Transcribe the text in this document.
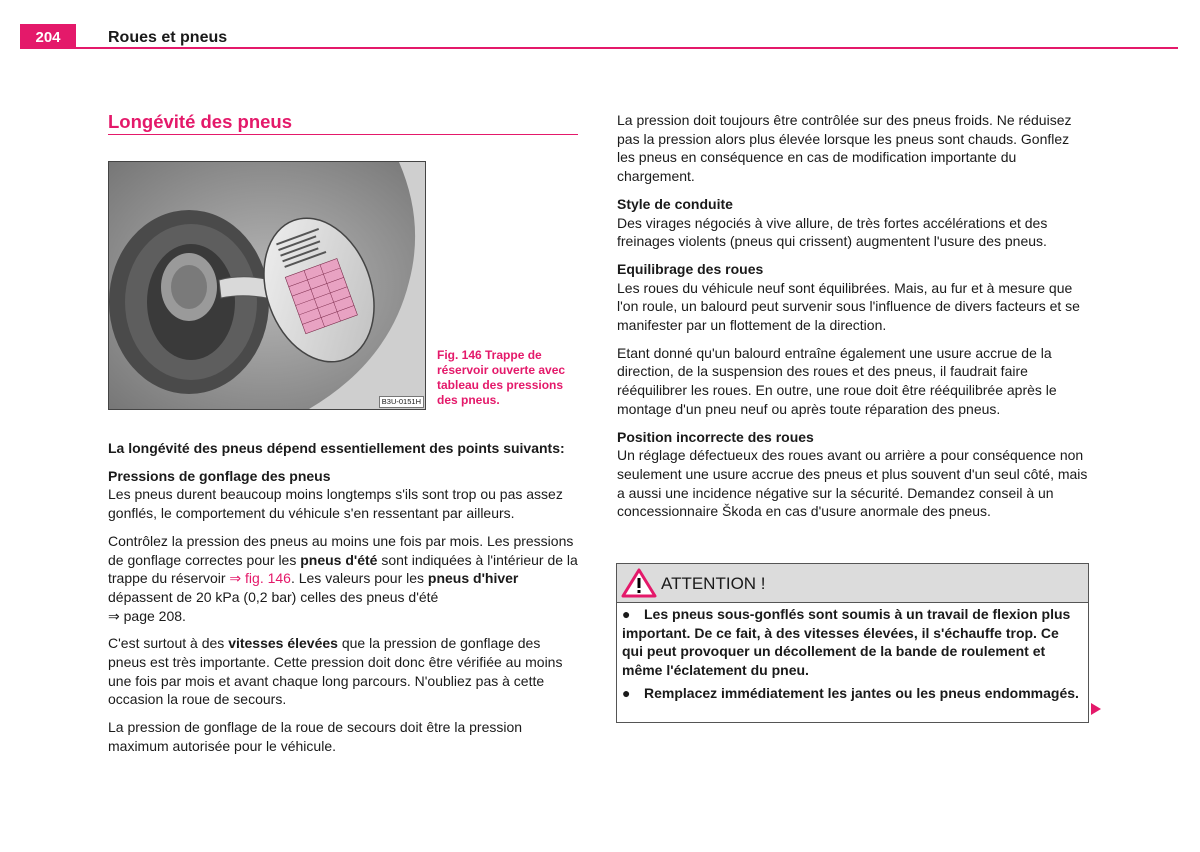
204	Roues et pneus
Longévité des pneus
B3U-0151H
Fig. 146 Trappe de réservoir ouverte avec tableau des pressions des pneus.

La longévité des pneus dépend essentiellement des points suivants:

Pressions de gonflage des pneus

Les pneus durent beaucoup moins longtemps s'ils sont trop ou pas assez gonflés, le comportement du véhicule s'en ressentant par ailleurs.

Contrôlez la pression des pneus au moins une fois par mois. Les pressions de gonflage correctes pour les pneus d'été sont indiquées à l'intérieur de la trappe du réservoir ⇒ fig. 146. Les valeurs pour les pneus d'hiver dépassent de 20 kPa (0,2 bar) celles des pneus d'été
⇒ page 208.

C'est surtout à des vitesses élevées que la pression de gonflage des pneus est très importante. Cette pression doit donc être vérifiée au moins une fois par mois et avant chaque long parcours. N'oubliez pas à cette occasion la roue de secours.

La pression de gonflage de la roue de secours doit être la pression maximum autorisée pour le véhicule.

La pression doit toujours être contrôlée sur des pneus froids. Ne réduisez pas la pression alors plus élevée lorsque les pneus sont chauds. Gonflez les pneus en conséquence en cas de modification importante du chargement.

Style de conduite

Des virages négociés à vive allure, de très fortes accélérations et des freinages violents (pneus qui crissent) augmentent l'usure des pneus.

Equilibrage des roues

Les roues du véhicule neuf sont équilibrées. Mais, au fur et à mesure que l'on roule, un balourd peut survenir sous l'influence de divers facteurs et se manifester par un flottement de la direction.

Etant donné qu'un balourd entraîne également une usure accrue de la direction, de la suspension des roues et des pneus, il faudrait faire rééquilibrer les roues. En outre, une roue doit être rééquilibrée après le montage d'un pneu neuf ou après toute réparation des pneus.

Position incorrecte des roues

Un réglage défectueux des roues avant ou arrière a pour conséquence non seulement une usure accrue des pneus et plus souvent d'un seul côté, mais a aussi une incidence négative sur la sécurité. Demandez conseil à un concessionnaire Škoda en cas d'usure anormale des pneus.

ATTENTION !

● Les pneus sous-gonflés sont soumis à un travail de flexion plus important. De ce fait, à des vitesses élevées, il s'échauffe trop. Ce qui peut provoquer un décollement de la bande de roulement et même l'éclatement du pneu.

● Remplacez immédiatement les jantes ou les pneus endommagés.
